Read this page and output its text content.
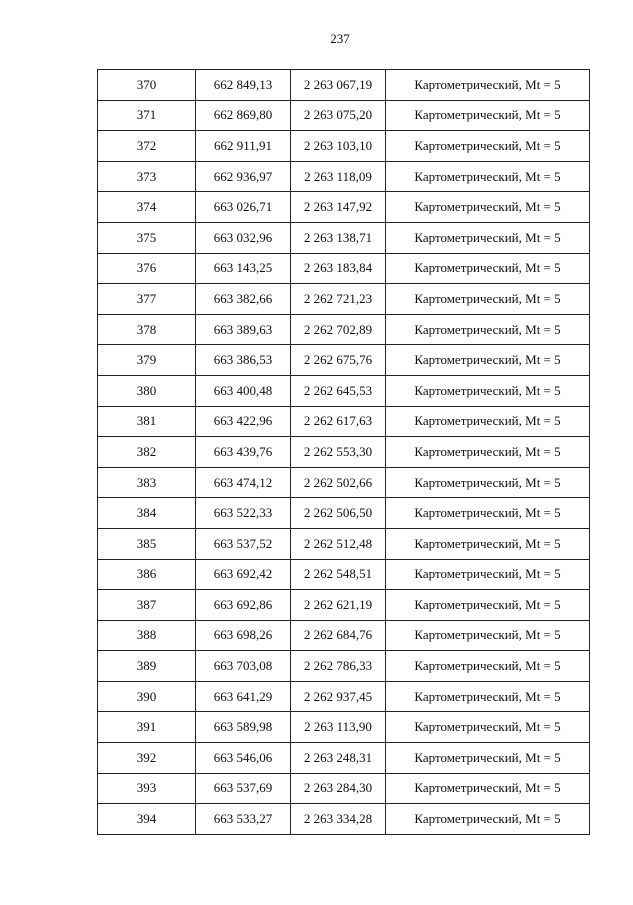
237
370	662 849,13	2 263 067,19	Картометрический, Mt = 5
371	662 869,80	2 263 075,20	Картометрический, Mt = 5
372	662 911,91	2 263 103,10	Картометрический, Mt = 5
373	662 936,97	2 263 118,09	Картометрический, Mt = 5
374	663 026,71	2 263 147,92	Картометрический, Mt = 5
375	663 032,96	2 263 138,71	Картометрический, Mt = 5
376	663 143,25	2 263 183,84	Картометрический, Mt = 5
377	663 382,66	2 262 721,23	Картометрический, Mt = 5
378	663 389,63	2 262 702,89	Картометрический, Mt = 5
379	663 386,53	2 262 675,76	Картометрический, Mt = 5
380	663 400,48	2 262 645,53	Картометрический, Mt = 5
381	663 422,96	2 262 617,63	Картометрический, Mt = 5
382	663 439,76	2 262 553,30	Картометрический, Mt = 5
383	663 474,12	2 262 502,66	Картометрический, Mt = 5
384	663 522,33	2 262 506,50	Картометрический, Mt = 5
385	663 537,52	2 262 512,48	Картометрический, Mt = 5
386	663 692,42	2 262 548,51	Картометрический, Mt = 5
387	663 692,86	2 262 621,19	Картометрический, Mt = 5
388	663 698,26	2 262 684,76	Картометрический, Mt = 5
389	663 703,08	2 262 786,33	Картометрический, Mt = 5
390	663 641,29	2 262 937,45	Картометрический, Mt = 5
391	663 589,98	2 263 113,90	Картометрический, Mt = 5
392	663 546,06	2 263 248,31	Картометрический, Mt = 5
393	663 537,69	2 263 284,30	Картометрический, Mt = 5
394	663 533,27	2 263 334,28	Картометрический, Mt = 5
